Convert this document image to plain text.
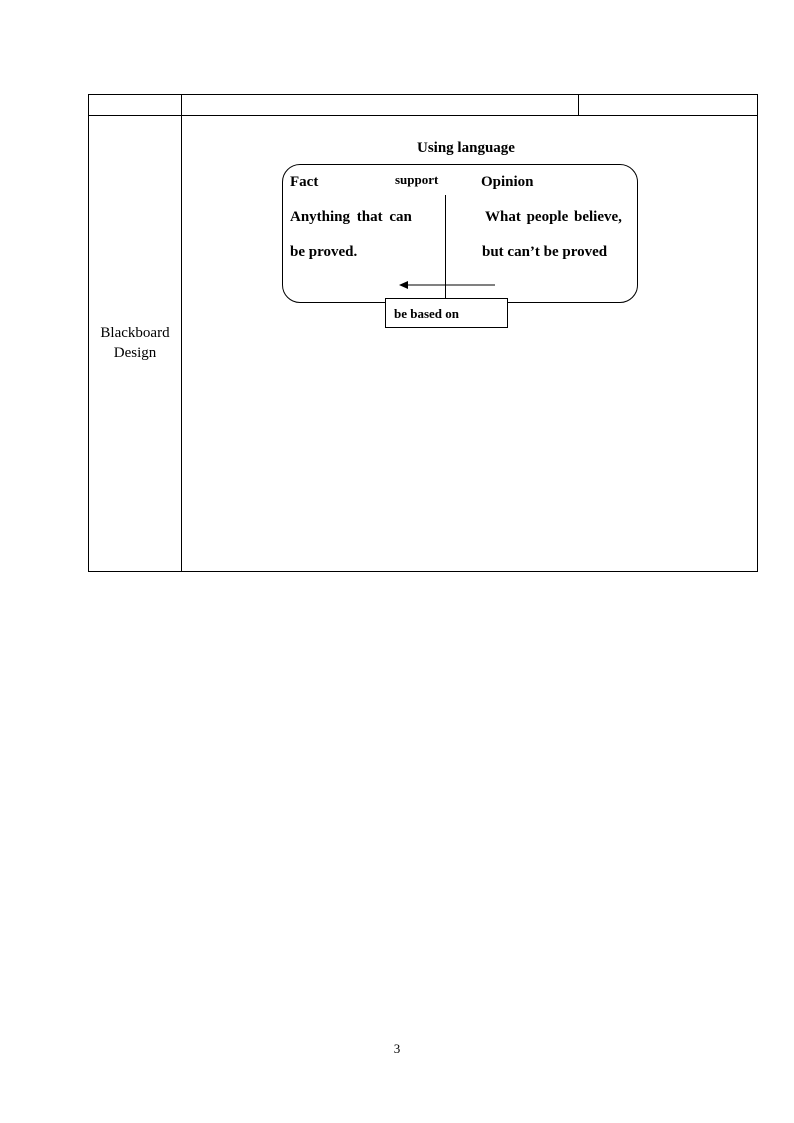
Blackboard Design
Using language
Fact	support	Opinion
Anything that can
be proved.
What people believe,
but can’t be proved
be based on
3
